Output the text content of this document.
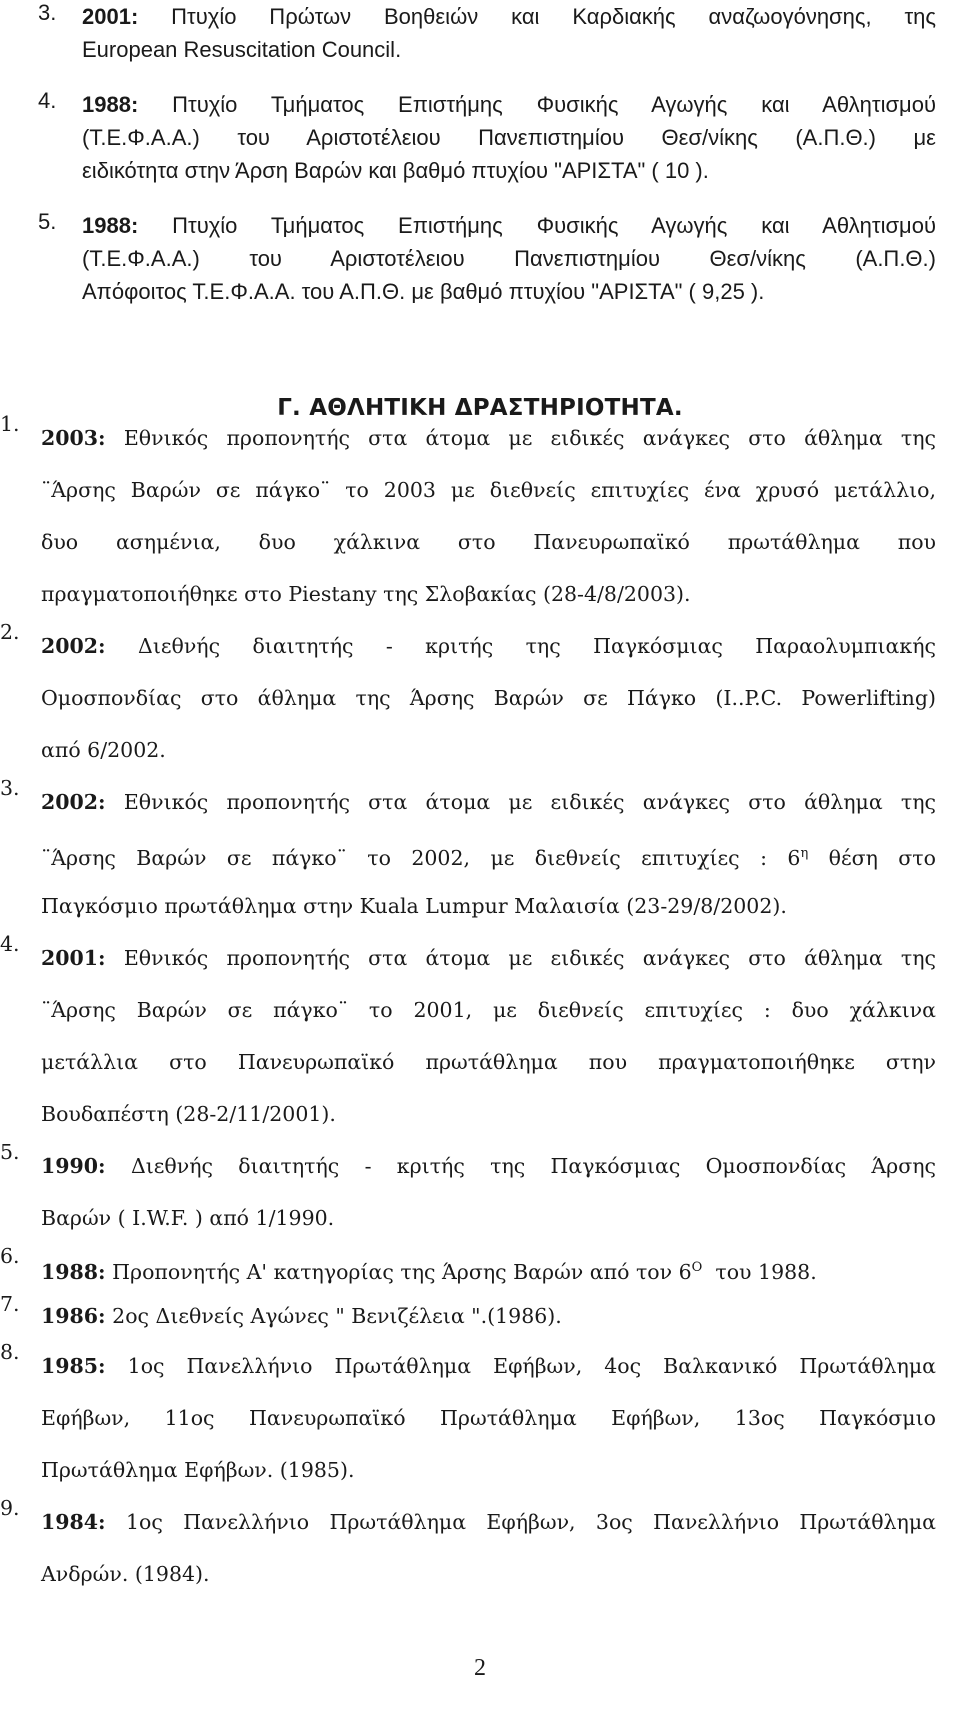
3. 2001: Πτυχίο Πρώτων Βοηθειών και Καρδιακής αναζωογόνησης, της
European Resuscitation Council.
4. 1988: Πτυχίο Τμήματος Επιστήμης Φυσικής Αγωγής και Αθλητισμού
(Τ.Ε.Φ.Α.Α.) του Αριστοτέλειου Πανεπιστημίου Θεσ/νίκης (Α.Π.Θ.) με
ειδικότητα στην Άρση Βαρών και βαθμό πτυχίου "ΑΡΙΣΤΑ" ( 10 ).
5. 1988: Πτυχίο Τμήματος Επιστήμης Φυσικής Αγωγής και Αθλητισμού
(Τ.Ε.Φ.Α.Α.) του Αριστοτέλειου Πανεπιστημίου Θεσ/νίκης (Α.Π.Θ.)
Απόφοιτος Τ.Ε.Φ.Α.Α. του Α.Π.Θ. με βαθμό πτυχίου "ΑΡΙΣΤΑ" ( 9,25 ).
Γ. ΑΘΛΗΤΙΚΗ ΔΡΑΣΤΗΡΙΟΤΗΤΑ.
1.
2003: Εθνικός προπονητής στα άτομα με ειδικές ανάγκες στο άθλημα της
¨Άρσης Βαρών σε πάγκο¨ το 2003 με διεθνείς επιτυχίες ένα χρυσό μετάλλιο,
δυο ασημένια, δυο χάλκινα στο Πανευρωπαϊκό πρωτάθλημα που
πραγματοποιήθηκε στο Piestany της Σλοβακίας (28-4/8/2003).
2.
2002: Διεθνής διαιτητής - κριτής της Παγκόσμιας Παραολυμπιακής
Ομοσπονδίας στο άθλημα της Άρσης Βαρών σε Πάγκο (I..P.C. Powerlifting)
από 6/2002.
3.
2002: Εθνικός προπονητής στα άτομα με ειδικές ανάγκες στο άθλημα της
¨Άρσης Βαρών σε πάγκο¨ το 2002, με διεθνείς επιτυχίες : $6^\eta$ θέση στο
Παγκόσμιο πρωτάθλημα στην Kuala Lumpur Μαλαισία (23-29/8/2002).
4.
2001: Εθνικός προπονητής στα άτομα με ειδικές ανάγκες στο άθλημα της
¨Άρσης Βαρών σε πάγκο¨ το 2001, με διεθνείς επιτυχίες : δυο χάλκινα
μετάλλια στο Πανευρωπαϊκό πρωτάθλημα που πραγματοποιήθηκε στην
Βουδαπέστη (28-2/11/2001).
5.
1990: Διεθνής διαιτητής - κριτής της Παγκόσμιας Ομοσπονδίας Άρσης
Βαρών ( I.W.F. ) από 1/1990.
6.
1988: Προπονητής Α' κατηγορίας της Άρσης Βαρών από τον $6^O$ του 1988.
7. 1986: 2ος Διεθνείς Αγώνες " Βενιζέλεια ".(1986).
8.
1985: 1ος Πανελλήνιο Πρωτάθλημα Εφήβων, 4ος Βαλκανικό Πρωτάθλημα
Εφήβων, 11ος Πανευρωπαϊκό Πρωτάθλημα Εφήβων, 13ος Παγκόσμιο
Πρωτάθλημα Εφήβων. (1985).
9.
1984: 1ος Πανελλήνιο Πρωτάθλημα Εφήβων, 3ος Πανελλήνιο Πρωτάθλημα
Ανδρών. (1984).
2
